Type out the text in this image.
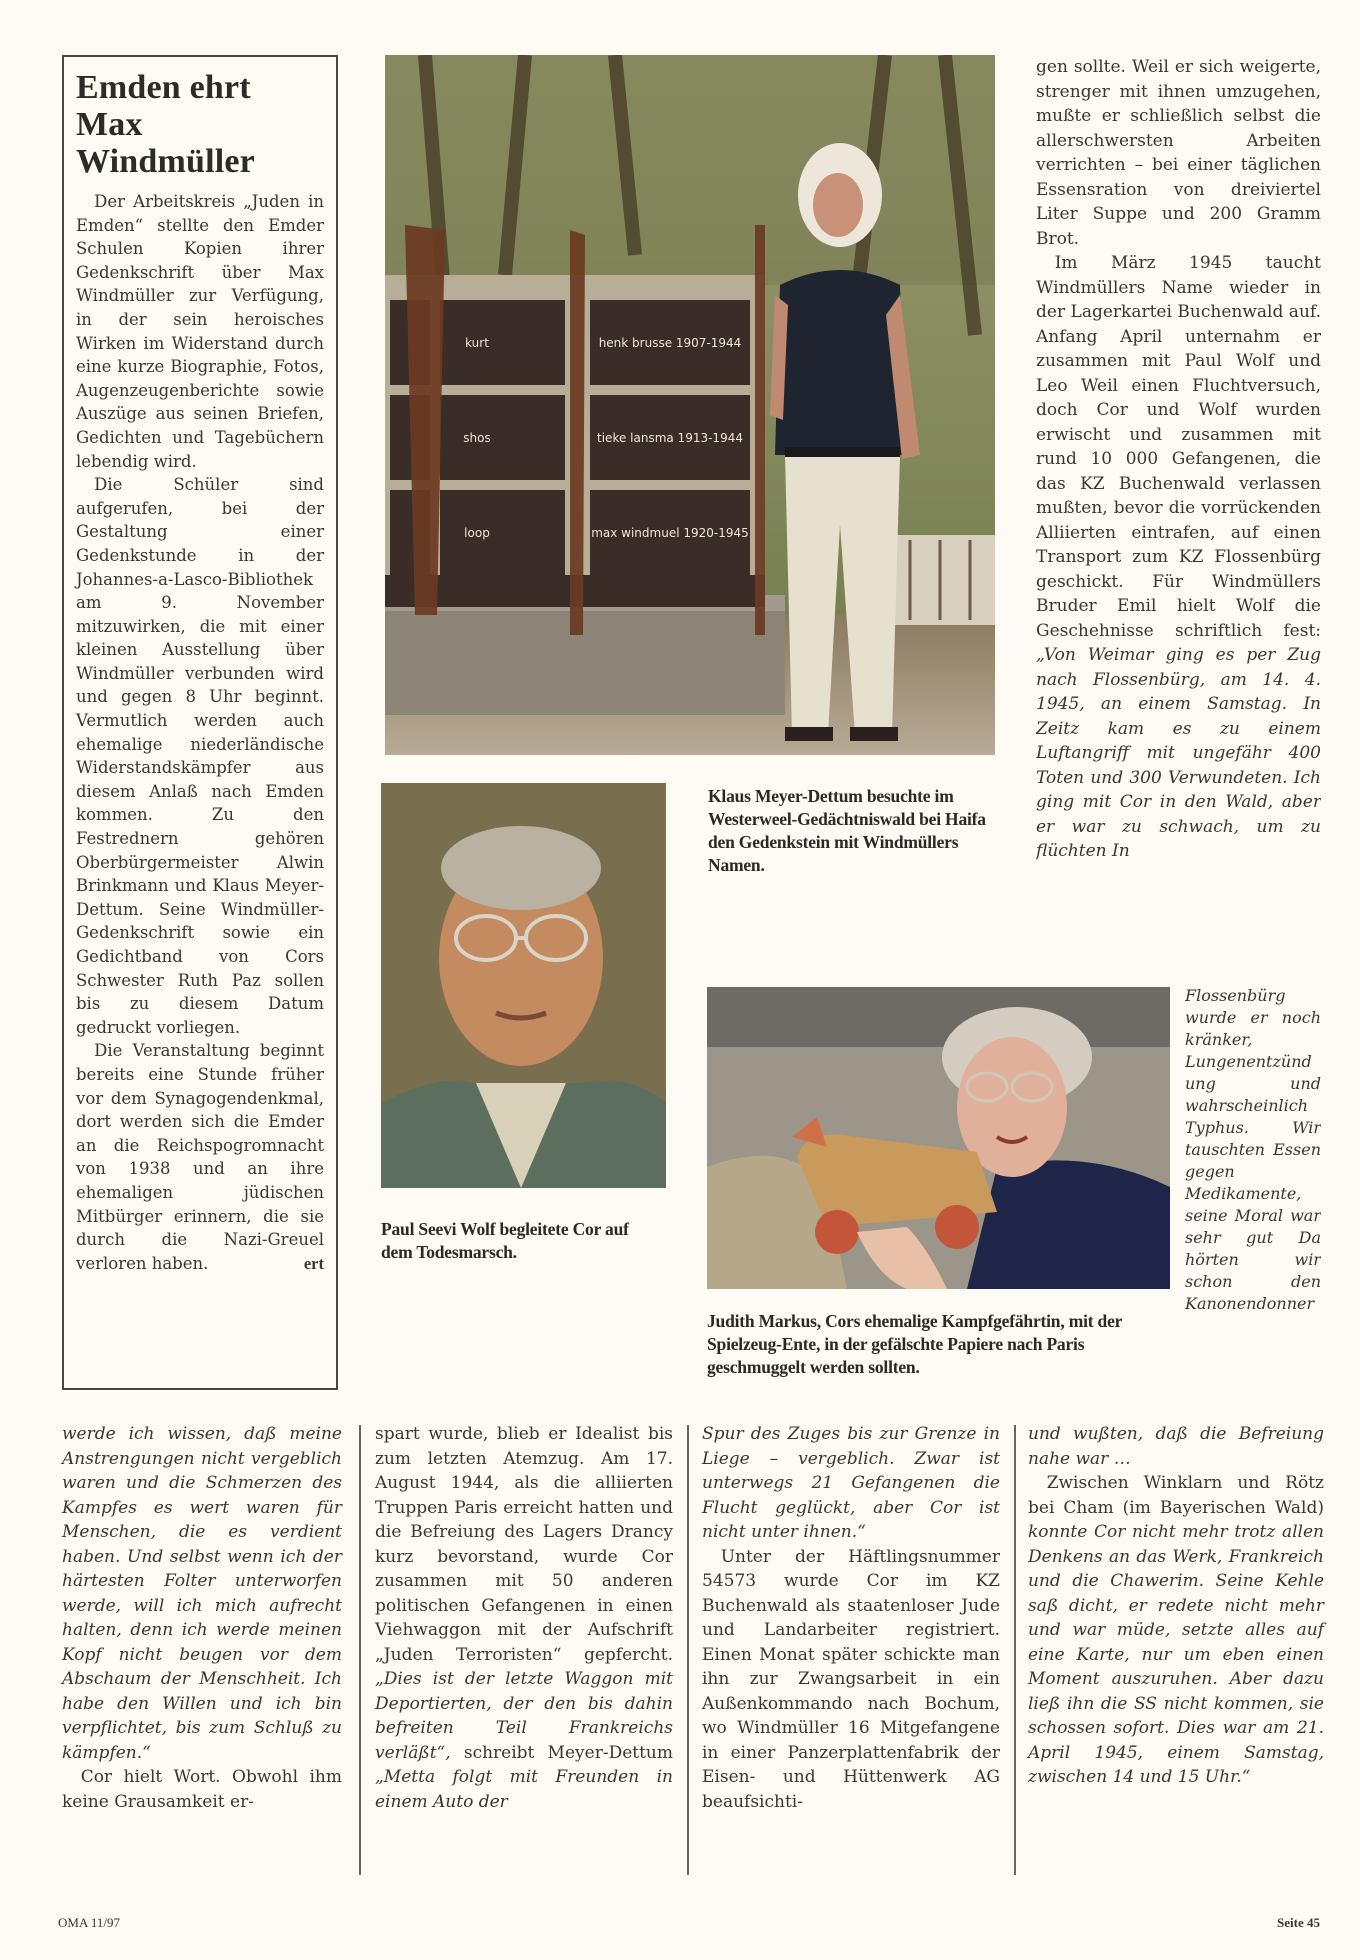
Emden ehrt
Max Windmüller

Der Arbeitskreis „Juden in Emden“ stellte den Emder Schulen Kopien ihrer Gedenkschrift über Max Windmüller zur Verfügung, in der sein heroisches Wirken im Widerstand durch eine kurze Biographie, Fotos, Augenzeugenberichte sowie Auszüge aus seinen Briefen, Gedichten und Tagebüchern lebendig wird.

Die Schüler sind aufgerufen, bei der Gestaltung einer Gedenkstunde in der Johannes-a-Lasco-Bibliothek am 9. November mitzuwirken, die mit einer kleinen Ausstellung über Windmüller verbunden wird und gegen 8 Uhr beginnt. Vermutlich werden auch ehemalige niederländische Widerstandskämpfer aus diesem Anlaß nach Emden kommen. Zu den Festrednern gehören Oberbürgermeister Alwin Brinkmann und Klaus Meyer-Dettum. Seine Windmüller-Gedenkschrift sowie ein Gedichtband von Cors Schwester Ruth Paz sollen bis zu diesem Datum gedruckt vorliegen.

Die Veranstaltung beginnt bereits eine Stunde früher vor dem Synagogendenkmal, dort werden sich die Emder an die Reichspogromnacht von 1938 und an ihre ehemaligen jüdischen Mitbürger erinnern, die sie durch die Nazi-Greuel verloren haben.	ert

henk brusse 1907-1944
tieke lansma 1913-1944
max windmuel 1920-1945
kurt
shos
loop
Klaus Meyer-Dettum besuchte im Westerweel-Gedächtniswald bei Haifa den Gedenkstein mit Windmüllers Namen.
Paul Seevi Wolf begleitete Cor auf dem Todesmarsch.
Judith Markus, Cors ehemalige Kampfgefährtin, mit der Spielzeug-Ente, in der gefälschte Papiere nach Paris geschmuggelt werden sollten.

gen sollte. Weil er sich weigerte, strenger mit ihnen umzugehen, mußte er schließlich selbst die allerschwersten Arbeiten verrichten – bei einer täglichen Essensration von dreiviertel Liter Suppe und 200 Gramm Brot.

Im März 1945 taucht Windmüllers Name wieder in der Lagerkartei Buchenwald auf. Anfang April unternahm er zusammen mit Paul Wolf und Leo Weil einen Fluchtversuch, doch Cor und Wolf wurden erwischt und zusammen mit rund 10 000 Gefangenen, die das KZ Buchenwald verlassen mußten, bevor die vorrückenden Alliierten eintrafen, auf einen Transport zum KZ Flossenbürg geschickt. Für Windmüllers Bruder Emil hielt Wolf die Geschehnisse schriftlich fest: „Von Weimar ging es per Zug nach Flossenbürg, am 14. 4. 1945, an einem Samstag. In Zeitz kam es zu einem Luftangriff mit ungefähr 400 Toten und 300 Verwundeten. Ich ging mit Cor in den Wald, aber er war zu schwach, um zu flüchten In

Flossenbürg wurde er noch kränker, Lungenentzündung und wahrscheinlich Typhus. Wir tauschten Essen gegen Medikamente, seine Moral war sehr gut Da hörten wir schon den Kanonendonner

werde ich wissen, daß meine Anstrengungen nicht vergeblich waren und die Schmerzen des Kampfes es wert waren für Menschen, die es verdient haben. Und selbst wenn ich der härtesten Folter unterworfen werde, will ich mich aufrecht halten, denn ich werde meinen Kopf nicht beugen vor dem Abschaum der Menschheit. Ich habe den Willen und ich bin verpflichtet, bis zum Schluß zu kämpfen.“

Cor hielt Wort. Obwohl ihm keine Grausamkeit er-

spart wurde, blieb er Idealist bis zum letzten Atemzug. Am 17. August 1944, als die alliierten Truppen Paris erreicht hatten und die Befreiung des Lagers Drancy kurz bevorstand, wurde Cor zusammen mit 50 anderen politischen Gefangenen in einen Viehwaggon mit der Aufschrift „Juden Terroristen“ gepfercht. „Dies ist der letzte Waggon mit Deportierten, der den bis dahin befreiten Teil Frankreichs verläßt“, schreibt Meyer-Dettum „Metta folgt mit Freunden in einem Auto der

Spur des Zuges bis zur Grenze in Liege – vergeblich. Zwar ist unterwegs 21 Gefangenen die Flucht geglückt, aber Cor ist nicht unter ihnen.“

Unter der Häftlingsnummer 54573 wurde Cor im KZ Buchenwald als staatenloser Jude und Landarbeiter registriert. Einen Monat später schickte man ihn zur Zwangsarbeit in ein Außenkommando nach Bochum, wo Windmüller 16 Mitgefangene in einer Panzerplattenfabrik der Eisen- und Hüttenwerk AG beaufsichti-

und wußten, daß die Befreiung nahe war …

Zwischen Winklarn und Rötz bei Cham (im Bayerischen Wald) konnte Cor nicht mehr trotz allen Denkens an das Werk, Frankreich und die Chawerim. Seine Kehle saß dicht, er redete nicht mehr und war müde, setzte alles auf eine Karte, nur um eben einen Moment auszuruhen. Aber dazu ließ ihn die SS nicht kommen, sie schossen sofort. Dies war am 21. April 1945, einem Samstag, zwischen 14 und 15 Uhr.“

OMA 11/97	Seite 45
